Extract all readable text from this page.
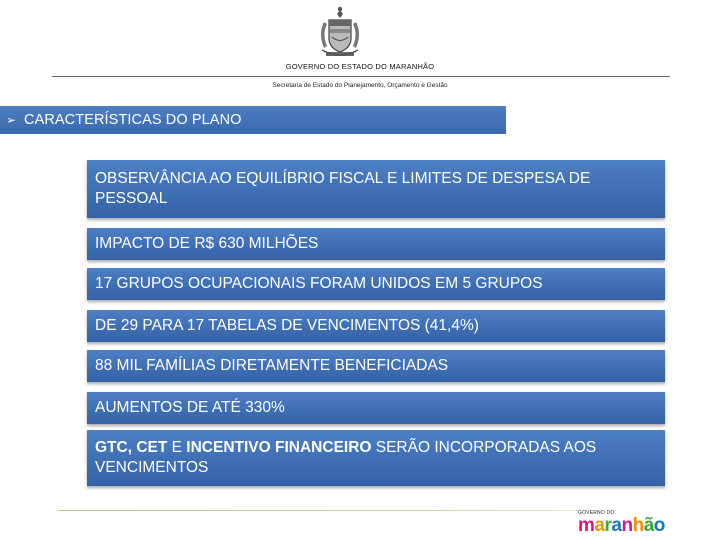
GOVERNO DO ESTADO DO MARANHÃO
Secretaria de Estado do Planejamento, Orçamento e Gestão
➢ CARACTERÍSTICAS DO PLANO
OBSERVÂNCIA AO EQUILÍBRIO FISCAL E LIMITES DE DESPESA DE PESSOAL
IMPACTO DE R$ 630 MILHÕES
17 GRUPOS OCUPACIONAIS FORAM UNIDOS EM 5 GRUPOS
DE 29 PARA 17 TABELAS DE VENCIMENTOS (41,4%)
88 MIL FAMÍLIAS DIRETAMENTE BENEFICIADAS
AUMENTOS DE ATÉ 330%
GTC, CET E INCENTIVO FINANCEIRO SERÃO INCORPORADAS AOS VENCIMENTOS
GOVERNO DO
maranhão
